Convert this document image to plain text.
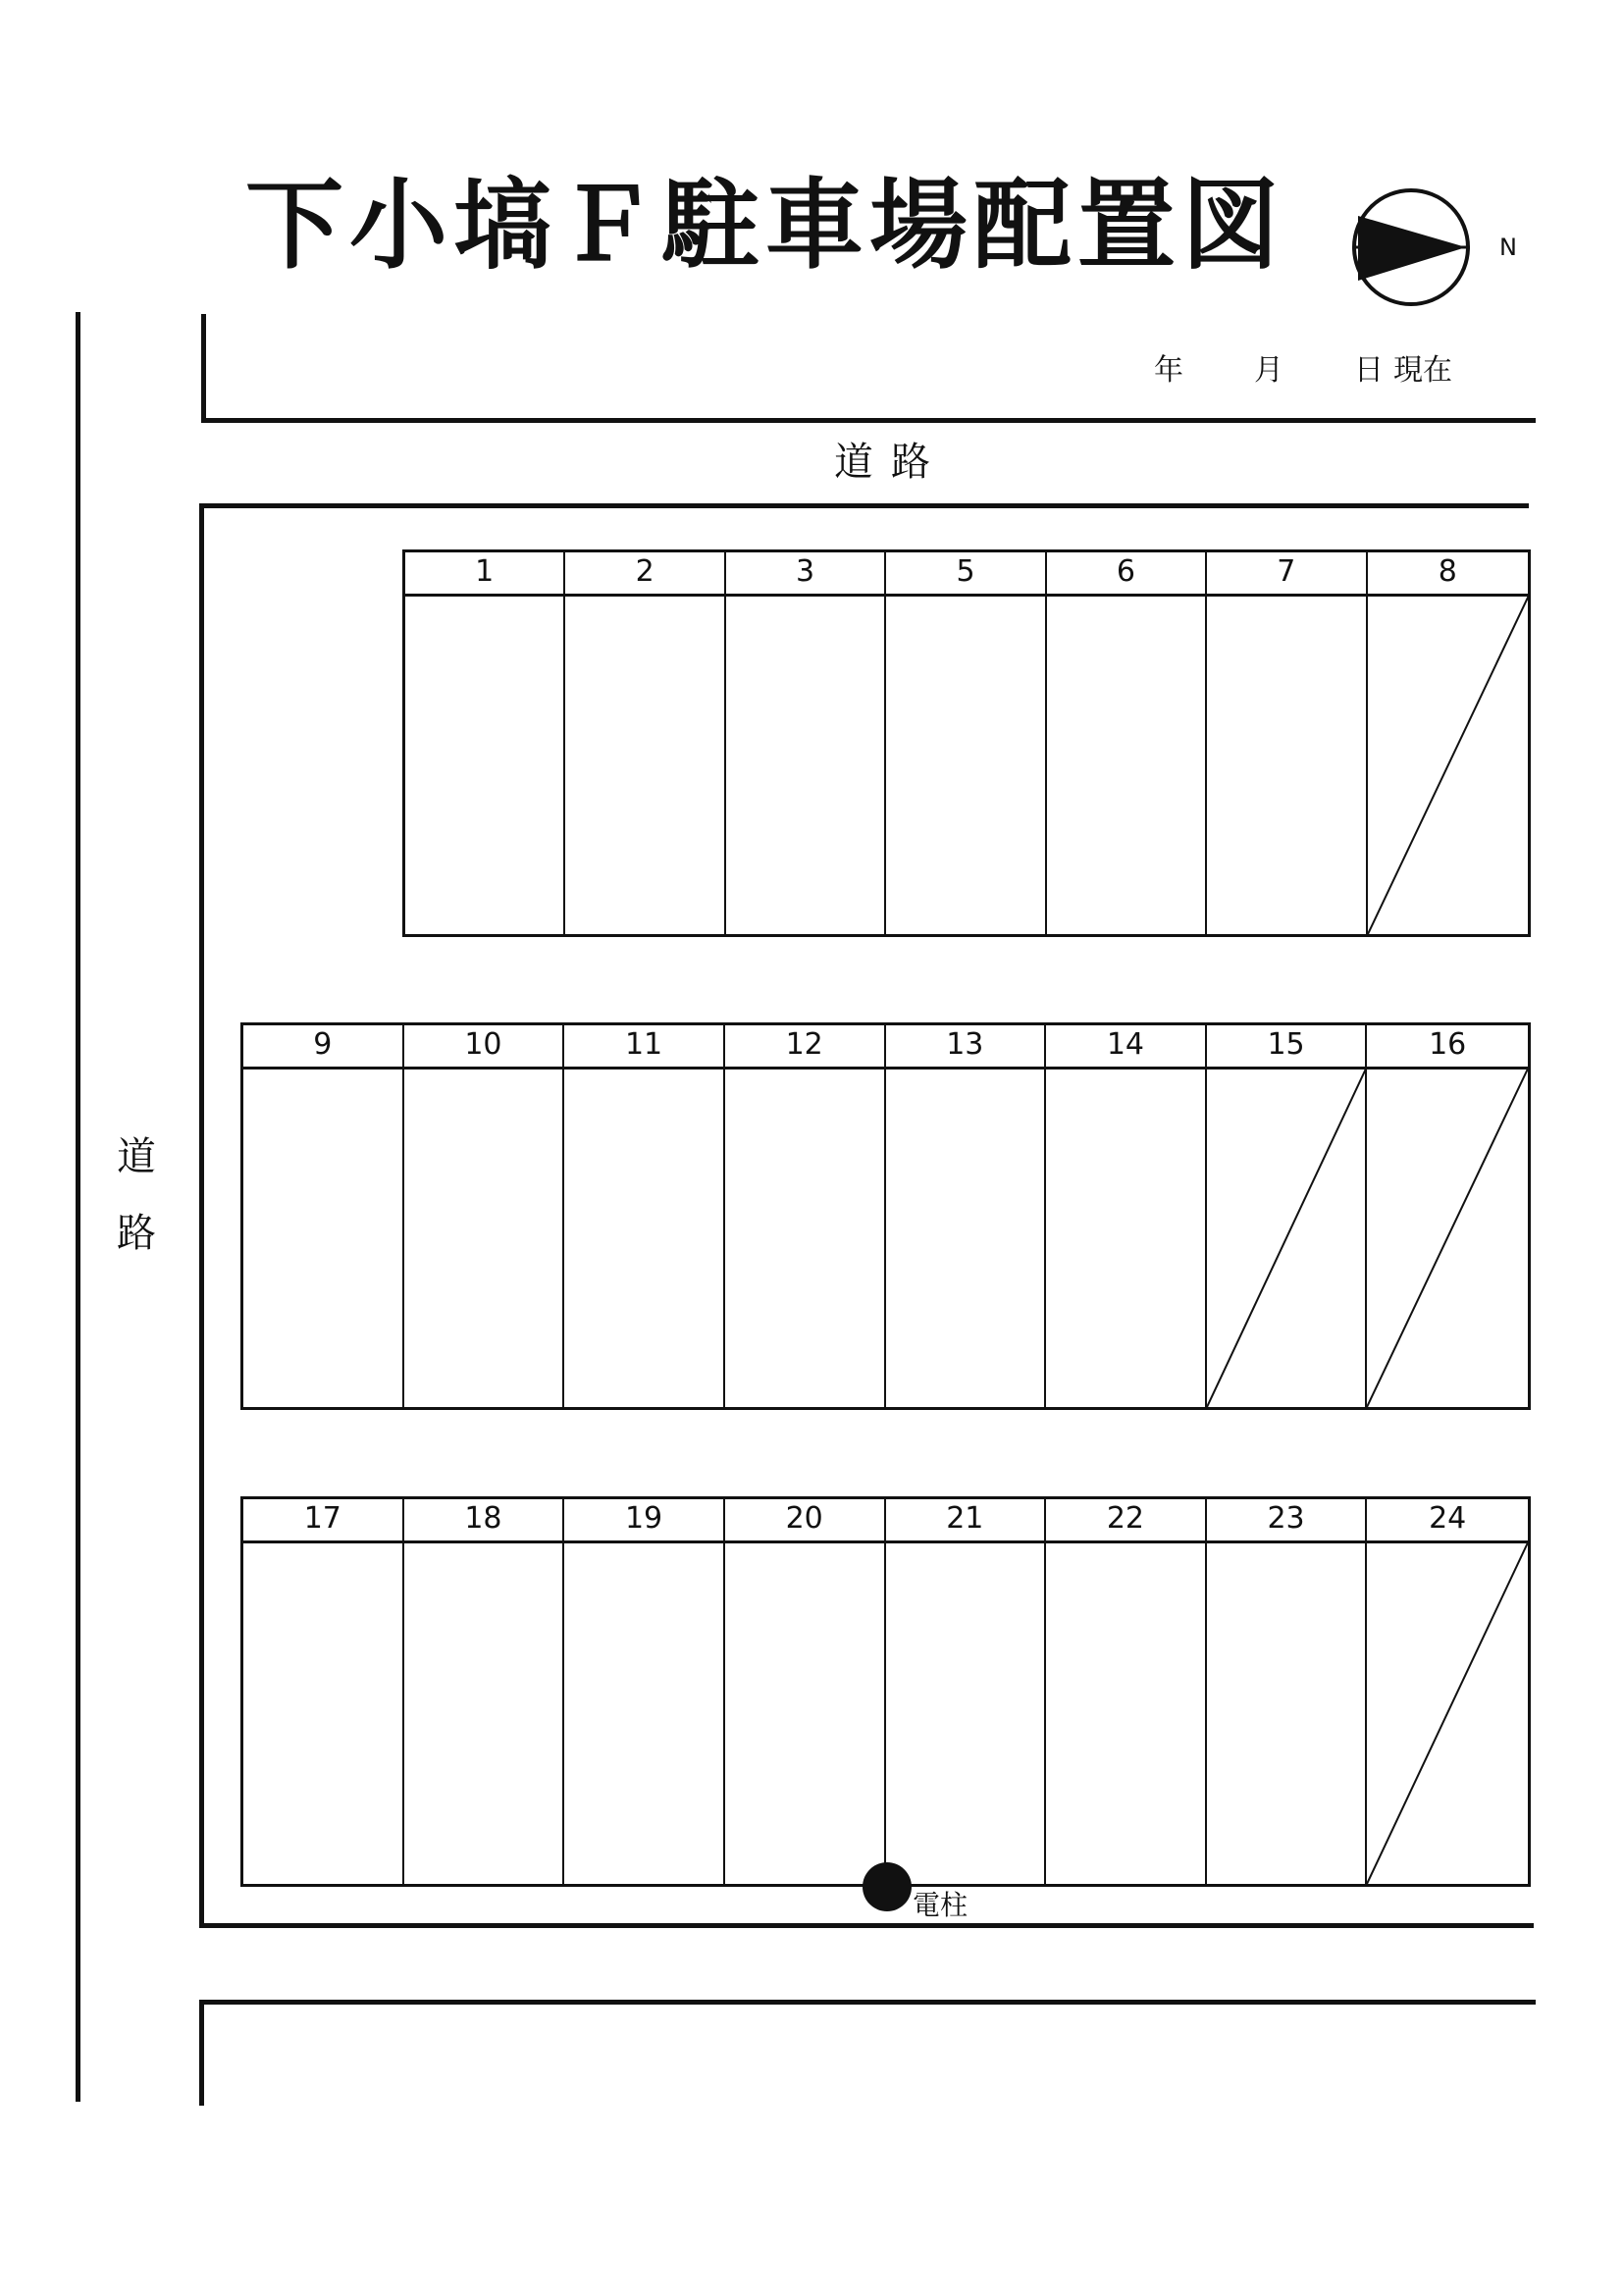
下小塙Ｆ駐車場配置図	N
年 月 日 現在
道路
道
路
1	2	3	5	6	7	8
9	10	11	12	13	14	15	16
17	18	19	20	21	22	23	24
電柱
